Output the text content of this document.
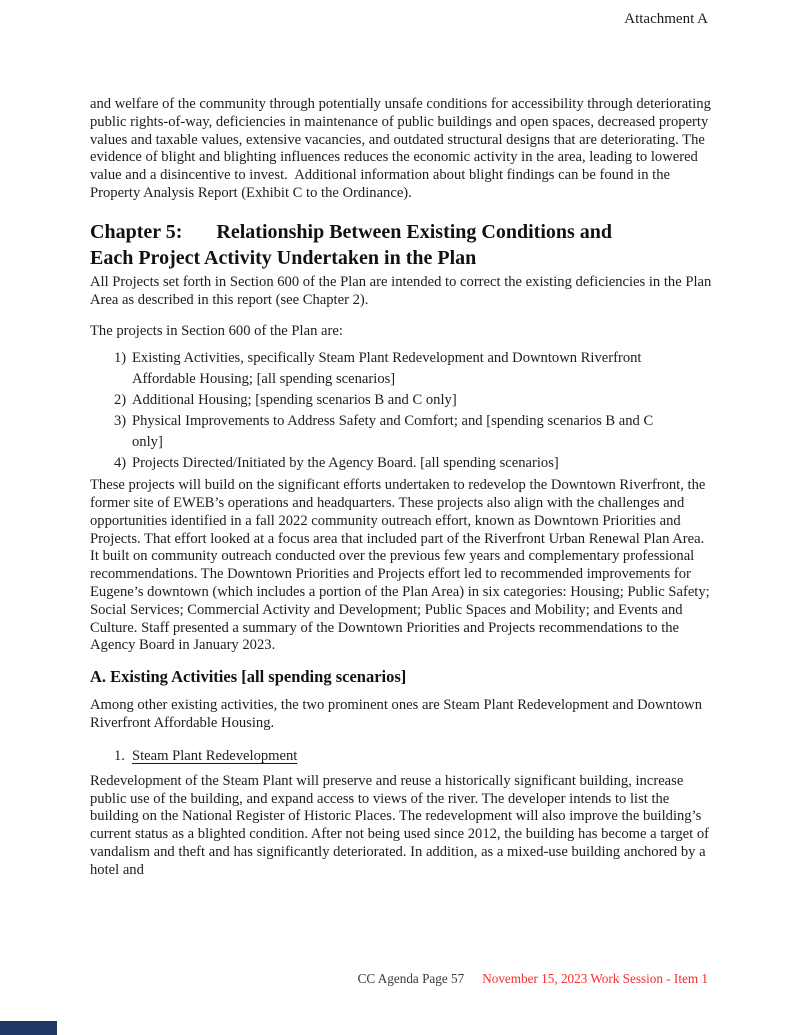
Attachment A

and welfare of the community through potentially unsafe conditions for accessibility through deteriorating public rights-of-way, deficiencies in maintenance of public buildings and open spaces, decreased property values and taxable values, extensive vacancies, and outdated structural designs that are deteriorating. The evidence of blight and blighting influences reduces the economic activity in the area, leading to lowered value and a disincentive to invest.  Additional information about blight findings can be found in the Property Analysis Report (Exhibit C to the Ordinance).

Chapter 5: Relationship Between Existing Conditions and
Each Project Activity Undertaken in the Plan

All Projects set forth in Section 600 of the Plan are intended to correct the existing deficiencies in the Plan Area as described in this report (see Chapter 2).

The projects in Section 600 of the Plan are:

1) Existing Activities, specifically Steam Plant Redevelopment and Downtown Riverfront Affordable Housing; [all spending scenarios]
2) Additional Housing; [spending scenarios B and C only]
3) Physical Improvements to Address Safety and Comfort; and [spending scenarios B and C only]
4) Projects Directed/Initiated by the Agency Board. [all spending scenarios]

These projects will build on the significant efforts undertaken to redevelop the Downtown Riverfront, the former site of EWEB’s operations and headquarters. These projects also align with the challenges and opportunities identified in a fall 2022 community outreach effort, known as Downtown Priorities and Projects. That effort looked at a focus area that included part of the Riverfront Urban Renewal Plan Area. It built on community outreach conducted over the previous few years and complementary professional recommendations. The Downtown Priorities and Projects effort led to recommended improvements for Eugene’s downtown (which includes a portion of the Plan Area) in six categories: Housing; Public Safety; Social Services; Commercial Activity and Development; Public Spaces and Mobility; and Events and Culture. Staff presented a summary of the Downtown Priorities and Projects recommendations to the Agency Board in January 2023.

A. Existing Activities [all spending scenarios]

Among other existing activities, the two prominent ones are Steam Plant Redevelopment and Downtown Riverfront Affordable Housing.

1. Steam Plant Redevelopment

Redevelopment of the Steam Plant will preserve and reuse a historically significant building, increase public use of the building, and expand access to views of the river. The developer intends to list the building on the National Register of Historic Places. The redevelopment will also improve the building’s current status as a blighted condition. After not being used since 2012, the building has become a target of vandalism and theft and has significantly deteriorated. In addition, as a mixed-use building anchored by a hotel and

CC Agenda Page 57 November 15, 2023 Work Session - Item 1
